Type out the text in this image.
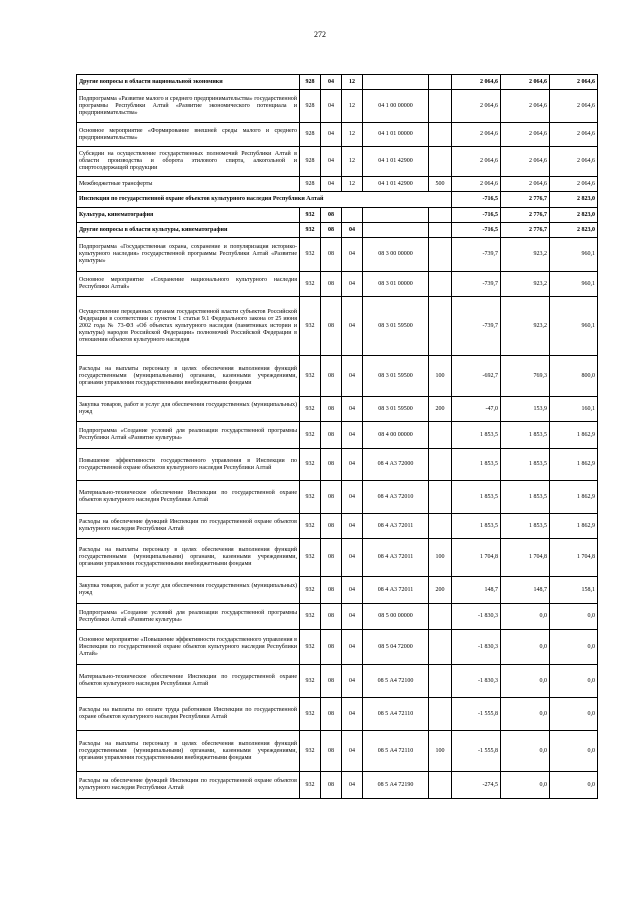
272
Другие вопросы в области национальной экономики	928	04	12			2 064,6	2 064,6	2 064,6
Подпрограмма «Развитие малого и среднего предпринимательства» государственной программы Республики Алтай «Развитие экономического потенциала и предпринимательства»	928	04	12	04 1 00 00000		2 064,6	2 064,6	2 064,6
Основное мероприятие «Формирование внешней среды малого и среднего предпринимательства»	928	04	12	04 1 01 00000		2 064,6	2 064,6	2 064,6
Субсидии на осуществление государственных полномочий Республики Алтай в области производства и оборота этилового спирта, алкогольной и спиртосодержащей продукции	928	04	12	04 1 01 42900		2 064,6	2 064,6	2 064,6
Межбюджетные трансферты	928	04	12	04 1 01 42900	500	2 064,6	2 064,6	2 064,6
Инспекция по государственной охране объектов культурного наследия Республики Алтай						-716,5	2 776,7	2 823,0
Культура, кинематография	932	08				-716,5	2 776,7	2 823,0
Другие вопросы в области культуры, кинематографии	932	08	04			-716,5	2 776,7	2 823,0
Подпрограмма «Государственная охрана, сохранение и популяризация историко-культурного наследия» государственной программы Республики Алтай «Развитие культуры»	932	08	04	08 3 00 00000		-739,7	923,2	960,1
Основное мероприятие «Сохранение национального культурного наследия Республики Алтай»	932	08	04	08 3 01 00000		-739,7	923,2	960,1
Осуществление переданных органам государственной власти субъектов Российской Федерации в соответствии с пунктом 1 статьи 9.1 Федерального закона от 25 июня 2002 года № 73-ФЗ «Об объектах культурного наследия (памятниках истории и культуры) народов Российской Федерации» полномочий Российской Федерации в отношении объектов культурного наследия	932	08	04	08 3 01 59500		-739,7	923,2	960,1
Расходы на выплаты персоналу в целях обеспечения выполнения функций государственными (муниципальными) органами, казенными учреждениями, органами управления государственными внебюджетными фондами	932	08	04	08 3 01 59500	100	-692,7	769,3	800,0
Закупка товаров, работ и услуг для обеспечения государственных (муниципальных) нужд	932	08	04	08 3 01 59500	200	-47,0	153,9	160,1
Подпрограмма «Создание условий для реализации государственной программы Республики Алтай «Развитие культуры»	932	08	04	08 4 00 00000		1 853,5	1 853,5	1 862,9
Повышение эффективности государственного управления в Инспекции по государственной охране объектов культурного наследия Республики Алтай	932	08	04	08 4 А3 72000		1 853,5	1 853,5	1 862,9
Материально-техническое обеспечение Инспекции по государственной охране объектов культурного наследия Республики Алтай	932	08	04	08 4 А3 72010		1 853,5	1 853,5	1 862,9
Расходы на обеспечение функций Инспекции по государственной охране объектов культурного наследия Республики Алтай	932	08	04	08 4 А3 72011		1 853,5	1 853,5	1 862,9
Расходы на выплаты персоналу в целях обеспечения выполнения функций государственными (муниципальными) органами, казенными учреждениями, органами управления государственными внебюджетными фондами	932	08	04	08 4 А3 72011	100	1 704,8	1 704,8	1 704,8
Закупка товаров, работ и услуг для обеспечения государственных (муниципальных) нужд	932	08	04	08 4 А3 72011	200	148,7	148,7	158,1
Подпрограмма «Создание условий для реализации государственной программы Республики Алтай «Развитие культуры»	932	08	04	08 5 00 00000		-1 830,3	0,0	0,0
Основное мероприятие «Повышение эффективности государственного управления в Инспекции по государственной охране объектов культурного наследия Республики Алтай»	932	08	04	08 5 04 72000		-1 830,3	0,0	0,0
Материально-техническое обеспечение Инспекции по государственной охране объектов культурного наследия Республики Алтай	932	08	04	08 5 А4 72100		-1 830,3	0,0	0,0
Расходы на выплаты по оплате труда работников Инспекции по государственной охране объектов культурного наследия Республики Алтай	932	08	04	08 5 А4 72110		-1 555,8	0,0	0,0
Расходы на выплаты персоналу в целях обеспечения выполнения функций государственными (муниципальными) органами, казенными учреждениями, органами управления государственными внебюджетными фондами	932	08	04	08 5 А4 72110	100	-1 555,8	0,0	0,0
Расходы на обеспечение функций Инспекции по государственной охране объектов культурного наследия Республики Алтай	932	08	04	08 5 А4 72190		-274,5	0,0	0,0
